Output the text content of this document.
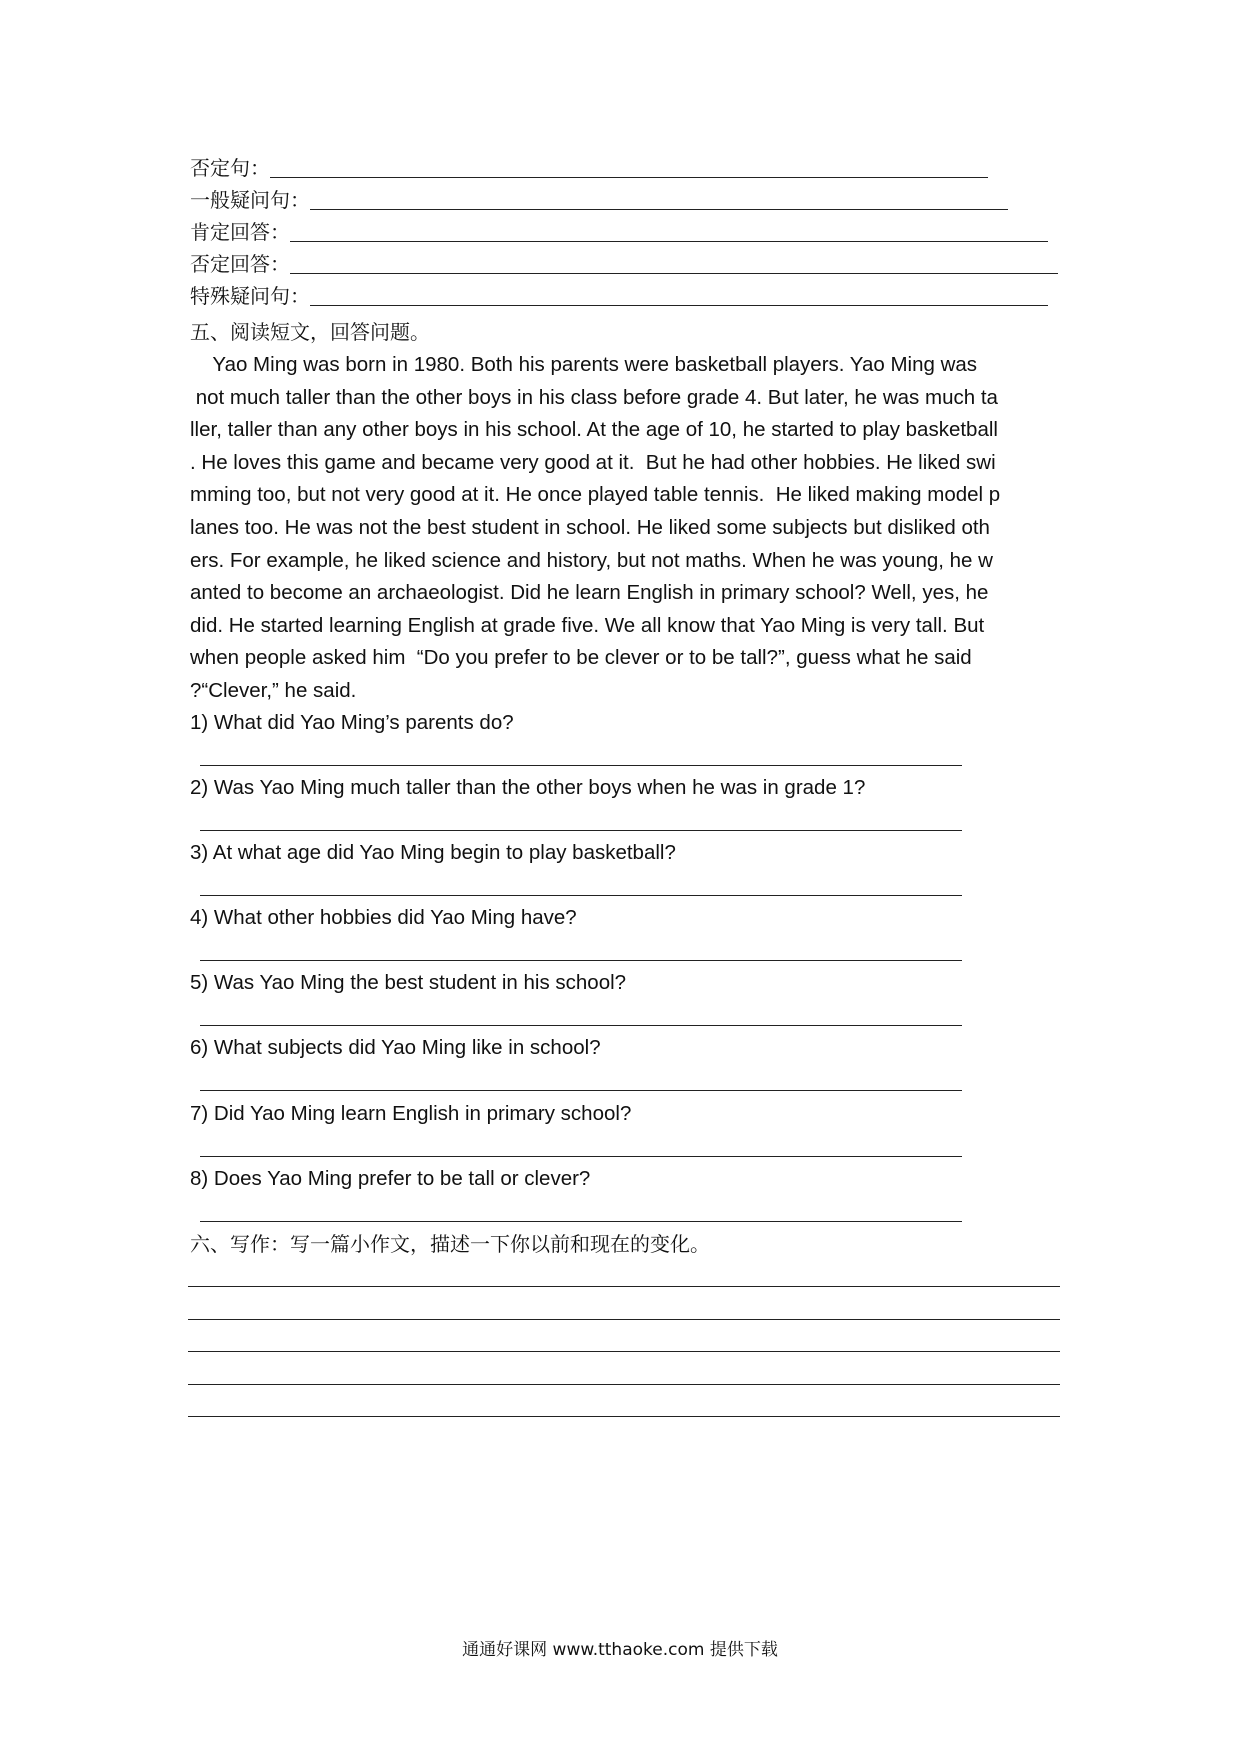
否定句：
一般疑问句：
肯定回答：
否定回答：
特殊疑问句：
五、阅读短文，回答问题。
Yao Ming was born in 1980. Both his parents were basketball players. Yao Ming was
not much taller than the other boys in his class before grade 4. But later, he was much ta
ller, taller than any other boys in his school. At the age of 10, he started to play basketball
. He loves this game and became very good at it.  But he had other hobbies. He liked swi
mming too, but not very good at it. He once played table tennis.  He liked making model p
lanes too. He was not the best student in school. He liked some subjects but disliked oth
ers. For example, he liked science and history, but not maths. When he was young, he w
anted to become an archaeologist. Did he learn English in primary school? Well, yes, he
did. He started learning English at grade five. We all know that Yao Ming is very tall. But
when people asked him  “Do you prefer to be clever or to be tall?”, guess what he said
?“Clever,” he said.
1) What did Yao Ming’s parents do?
2) Was Yao Ming much taller than the other boys when he was in grade 1?
3) At what age did Yao Ming begin to play basketball?
4) What other hobbies did Yao Ming have?
5) Was Yao Ming the best student in his school?
6) What subjects did Yao Ming like in school?
7) Did Yao Ming learn English in primary school?
8) Does Yao Ming prefer to be tall or clever?
六、写作：写一篇小作文，描述一下你以前和现在的变化。
通通好课网 www.tthaoke.com 提供下载
